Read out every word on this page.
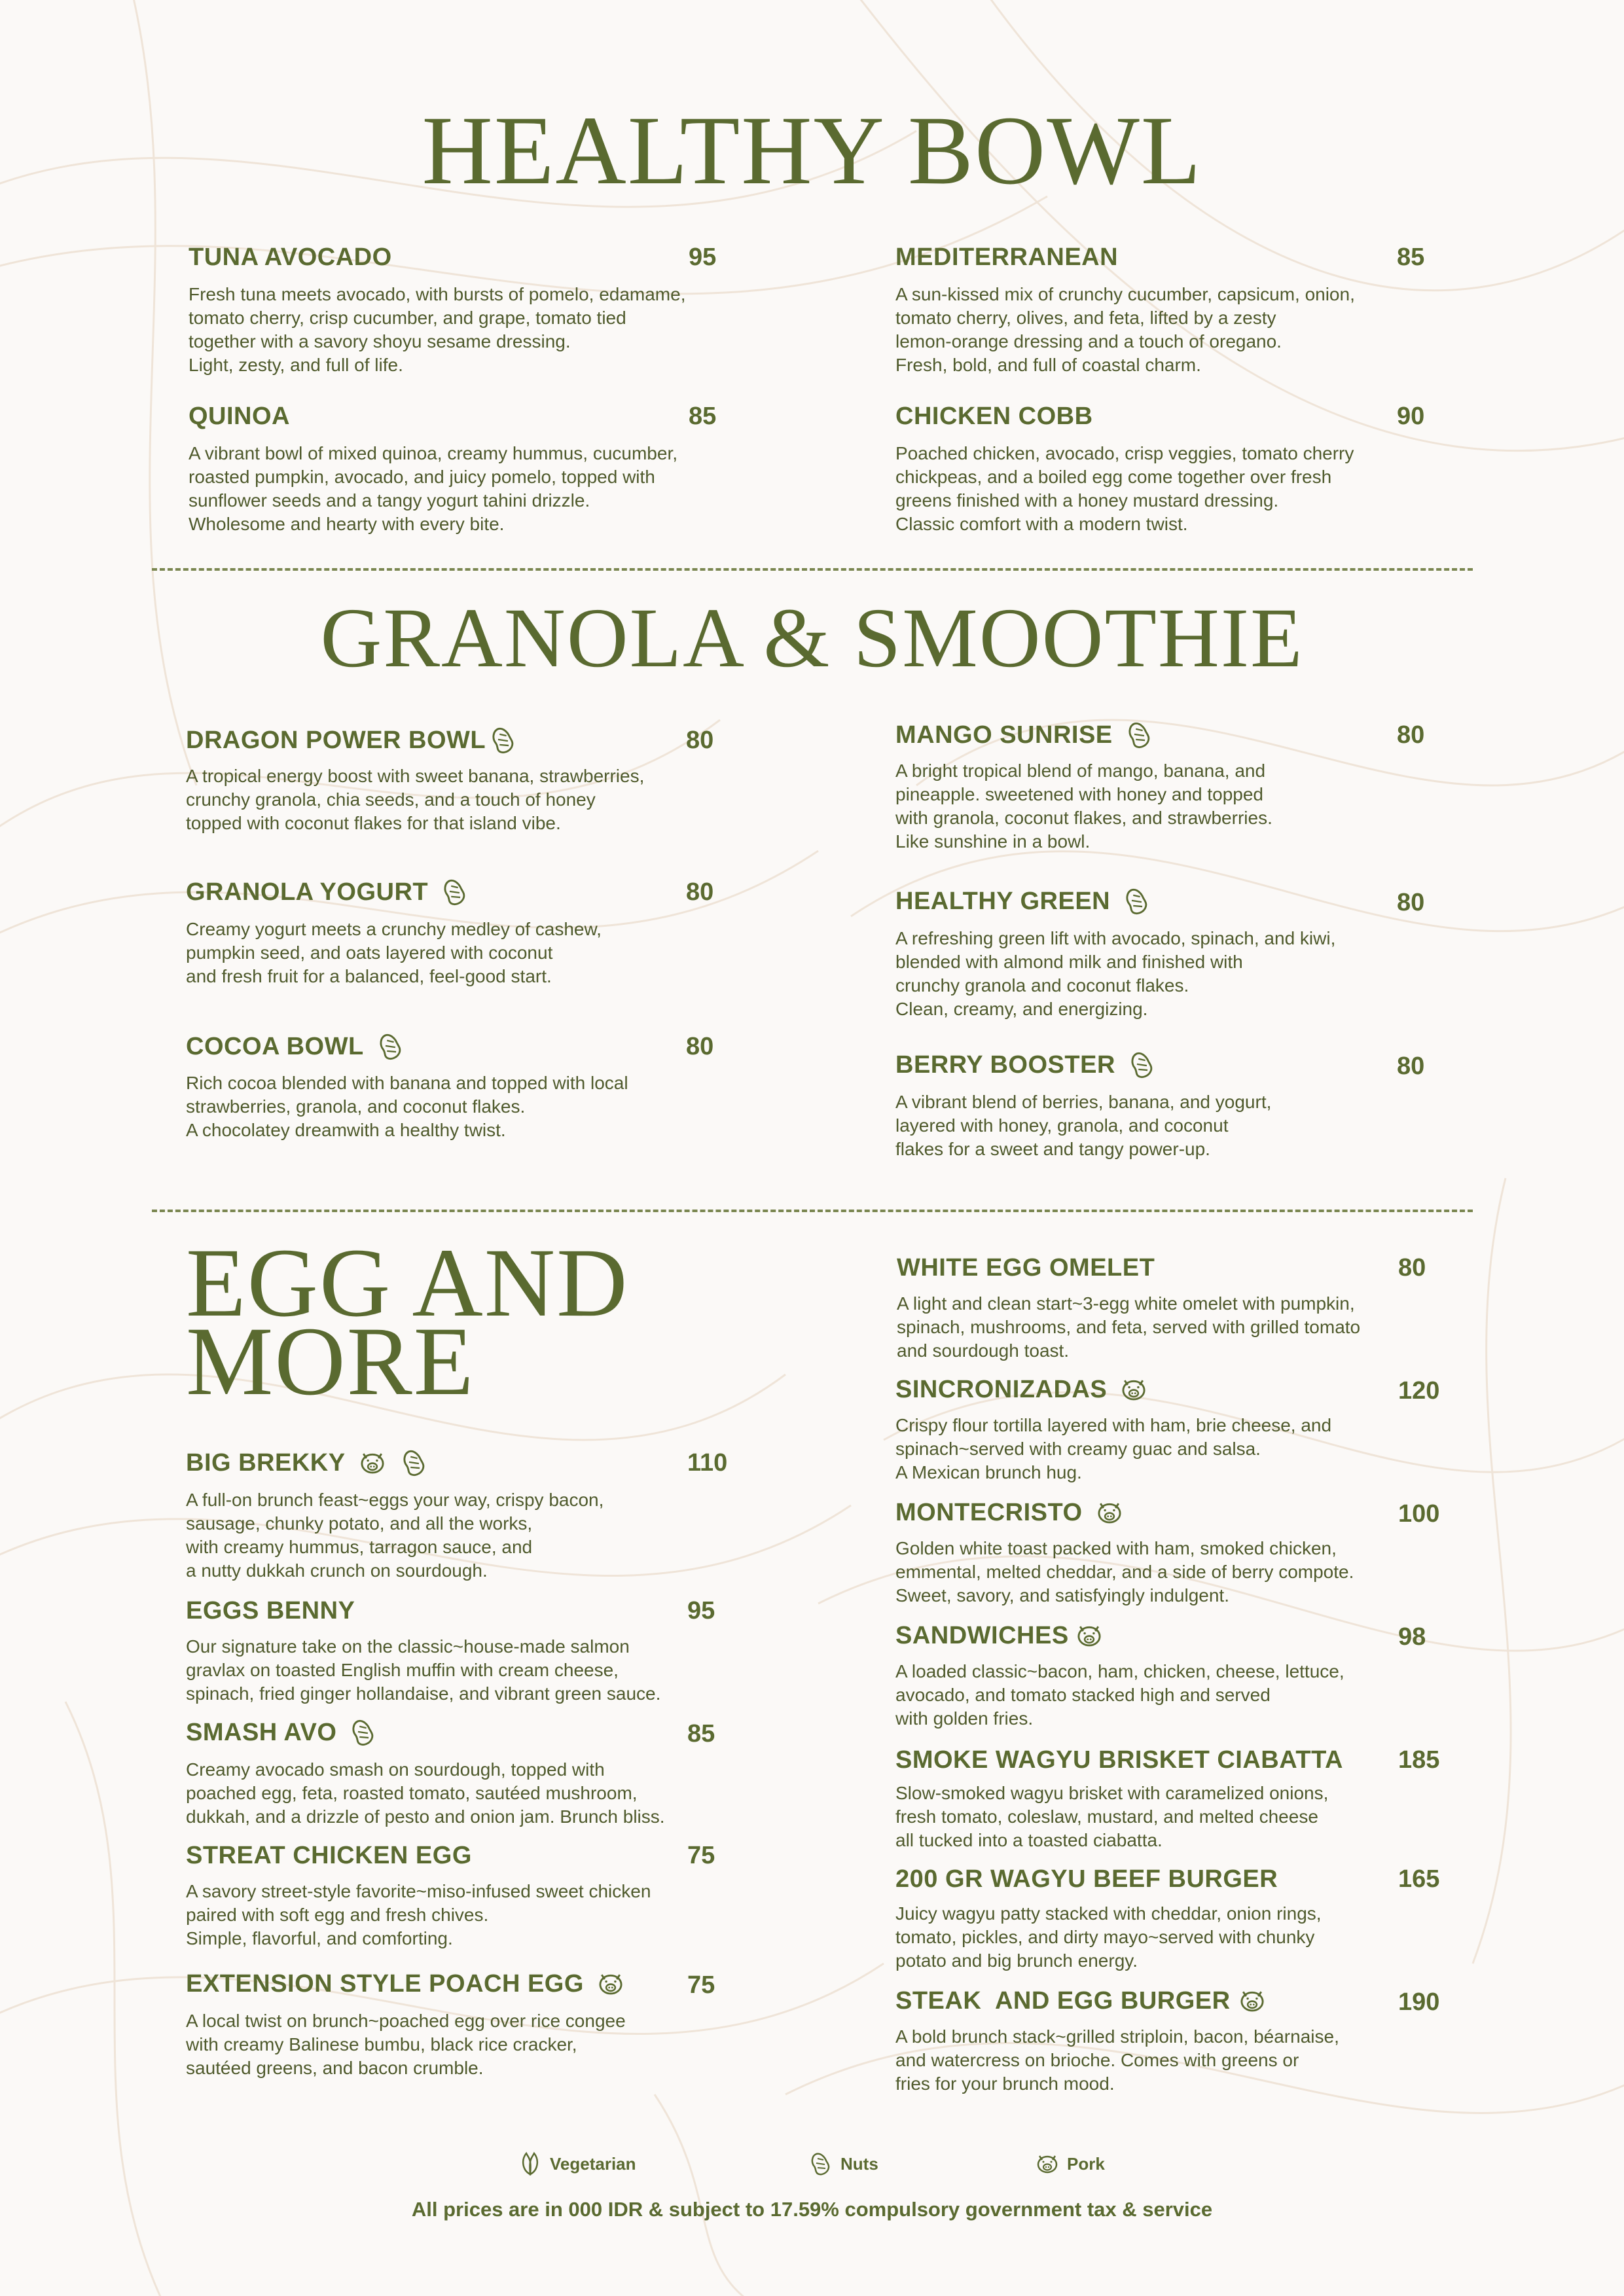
HEALTHY BOWL
TUNA AVOCADO	95
Fresh tuna meets avocado, with bursts of pomelo, edamame,
tomato cherry, crisp cucumber, and grape, tomato tied
together with a savory shoyu sesame dressing.
Light, zesty, and full of life.
QUINOA	85
A vibrant bowl of mixed quinoa, creamy hummus, cucumber,
roasted pumpkin, avocado, and juicy pomelo, topped with
sunflower seeds and a tangy yogurt tahini drizzle.
Wholesome and hearty with every bite.
MEDITERRANEAN	85
A sun-kissed mix of crunchy cucumber, capsicum, onion,
tomato cherry, olives, and feta, lifted by a zesty
lemon-orange dressing and a touch of oregano.
Fresh, bold, and full of coastal charm.
CHICKEN COBB	90
Poached chicken, avocado, crisp veggies, tomato cherry
chickpeas, and a boiled egg come together over fresh
greens finished with a honey mustard dressing.
Classic comfort with a modern twist.
GRANOLA & SMOOTHIE
DRAGON POWER BOWL	80
A tropical energy boost with sweet banana, strawberries,
crunchy granola, chia seeds, and a touch of honey
topped with coconut flakes for that island vibe.
GRANOLA YOGURT	80
Creamy yogurt meets a crunchy medley of cashew,
pumpkin seed, and oats layered with coconut
and fresh fruit for a balanced, feel-good start.
COCOA BOWL	80
Rich cocoa blended with banana and topped with local
strawberries, granola, and coconut flakes.
A chocolatey dreamwith a healthy twist.
MANGO SUNRISE	80
A bright tropical blend of mango, banana, and
pineapple. sweetened with honey and topped
with granola, coconut flakes, and strawberries.
Like sunshine in a bowl.
HEALTHY GREEN	80
A refreshing green lift with avocado, spinach, and kiwi,
blended with almond milk and finished with
crunchy granola and coconut flakes.
Clean, creamy, and energizing.
BERRY BOOSTER	80
A vibrant blend of berries, banana, and yogurt,
layered with honey, granola, and coconut
flakes for a sweet and tangy power-up.
EGG AND
MORE
BIG BREKKY	110
A full-on brunch feast~eggs your way, crispy bacon,
sausage, chunky potato, and all the works,
with creamy hummus, tarragon sauce, and
a nutty dukkah crunch on sourdough.
EGGS BENNY	95
Our signature take on the classic~house-made salmon
gravlax on toasted English muffin with cream cheese,
spinach, fried ginger hollandaise, and vibrant green sauce.
SMASH AVO	85
Creamy avocado smash on sourdough, topped with
poached egg, feta, roasted tomato, sautéed mushroom,
dukkah, and a drizzle of pesto and onion jam. Brunch bliss.
STREAT CHICKEN EGG	75
A savory street-style favorite~miso-infused sweet chicken
paired with soft egg and fresh chives.
Simple, flavorful, and comforting.
EXTENSION STYLE POACH EGG	75
A local twist on brunch~poached egg over rice congee
with creamy Balinese bumbu, black rice cracker,
sautéed greens, and bacon crumble.
WHITE EGG OMELET	80
A light and clean start~3-egg white omelet with pumpkin,
spinach, mushrooms, and feta, served with grilled tomato
and sourdough toast.
SINCRONIZADAS	120
Crispy flour tortilla layered with ham, brie cheese, and
spinach~served with creamy guac and salsa.
A Mexican brunch hug.
MONTECRISTO	100
Golden white toast packed with ham, smoked chicken,
emmental, melted cheddar, and a side of berry compote.
Sweet, savory, and satisfyingly indulgent.
SANDWICHES	98
A loaded classic~bacon, ham, chicken, cheese, lettuce,
avocado, and tomato stacked high and served
with golden fries.
SMOKE WAGYU BRISKET CIABATTA 185
Slow-smoked wagyu brisket with caramelized onions,
fresh tomato, coleslaw, mustard, and melted cheese
all tucked into a toasted ciabatta.
200 GR WAGYU BEEF BURGER	165
Juicy wagyu patty stacked with cheddar, onion rings,
tomato, pickles, and dirty mayo~served with chunky
potato and big brunch energy.
STEAK  AND EGG BURGER	190
A bold brunch stack~grilled striploin, bacon, béarnaise,
and watercress on brioche. Comes with greens or
fries for your brunch mood.
Vegetarian	Nuts	Pork
All prices are in 000 IDR & subject to 17.59% compulsory government tax & service
